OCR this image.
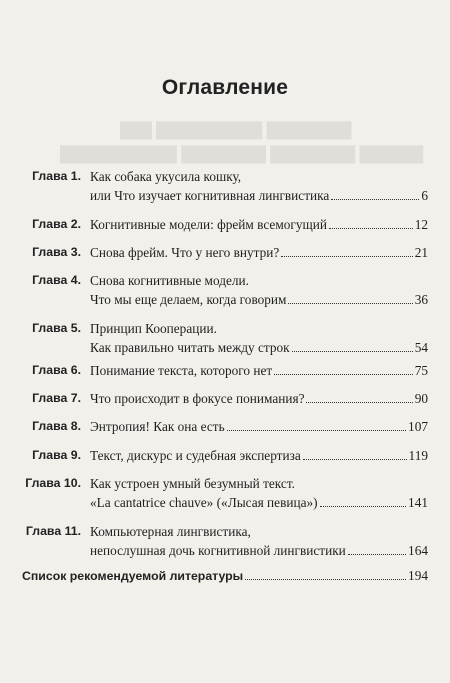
████████ ██████████ ███
██████ ████████ ████████ ███████████
Оглавление
Глава 1. Как собака укусила кошку,
или Что изучает когнитивная лингвистика	6
Глава 2. Когнитивные модели: фрейм всемогущий	12
Глава 3. Снова фрейм. Что у него внутри?	21
Глава 4. Снова когнитивные модели.
Что мы еще делаем, когда говорим	36
Глава 5. Принцип Кооперации.
Как правильно читать между строк	54
Глава 6. Понимание текста, которого нет	75
Глава 7. Что происходит в фокусе понимания?	90
Глава 8. Энтропия! Как она есть	107
Глава 9. Текст, дискурс и судебная экспертиза	119
Глава 10. Как устроен умный безумный текст.
«La cantatrice chauve» («Лысая певица»)	141
Глава 11. Компьютерная лингвистика,
непослушная дочь когнитивной лингвистики	164
Список рекомендуемой литературы	194
